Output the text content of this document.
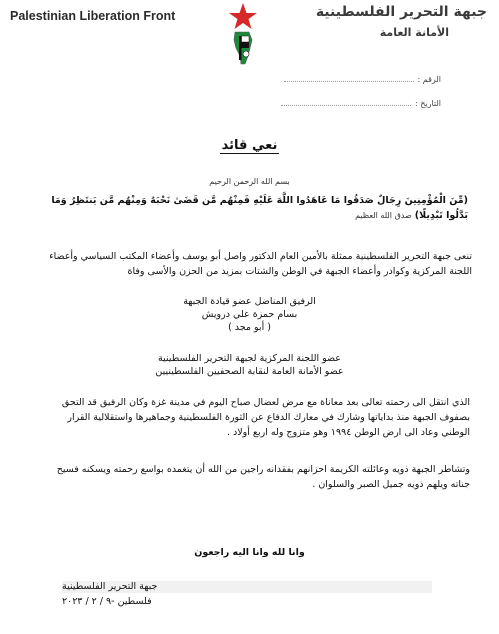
Palestinian Liberation Front	جبهة التحرير الفلسطينية
الأمانة العامة
الرقم :
التاريخ :
نعي قائد
بسم الله الرحمن الرحيم
(مِّنَ الْمُؤْمِنِينَ رِجَالٌ صَدَقُوا مَا عَاهَدُوا اللَّهَ عَلَيْهِ فَمِنْهُم مَّن قَضَىٰ نَحْبَهُ وَمِنْهُم مَّن يَنتَظِرُ وَمَا بَدَّلُوا تَبْدِيلًا) صدق الله العظيم
تنعى جبهة التحرير الفلسطينية ممثلة بالأمين العام الدكتور واصل أبو يوسف وأعضاء المكتب السياسي وأعضاء اللجنة المركزية وكوادر وأعضاء الجبهة في الوطن والشتات بمزيد من الحزن والأسى وفاة
الرفيق المناضل عضو قيادة الجبهة
بسام حمزة علي درويش
( أبو مجد )
عضو اللجنة المركزية لجبهة التحرير الفلسطينية
عضو الأمانة العامة لنقابة الصحفيين الفلسطينيين
الذي انتقل الى رحمته تعالى بعد معاناة مع مرض لعضال صباح اليوم في مدينة غزة وكان الرفيق قد التحق بصفوف الجبهة منذ بداياتها وشارك في معارك الدفاع عن الثورة الفلسطينية وجماهيرها واستقلالية القرار الوطني وعاد الى ارض الوطن ١٩٩٤ وهو متزوج وله اربع أولاد .
وتشاطر الجبهة ذويه وعائلته الكريمة احزانهم بفقدانه راجين من الله أن يتغمده بواسع رحمته ويسكنه فسيح جناته ويلهم ذويه جميل الصبر والسلوان .
وانا لله وانا اليه راجعون
جبهة التحرير الفلسطينية
فلسطين -٩ / ٢ / ٢٠٢٣
